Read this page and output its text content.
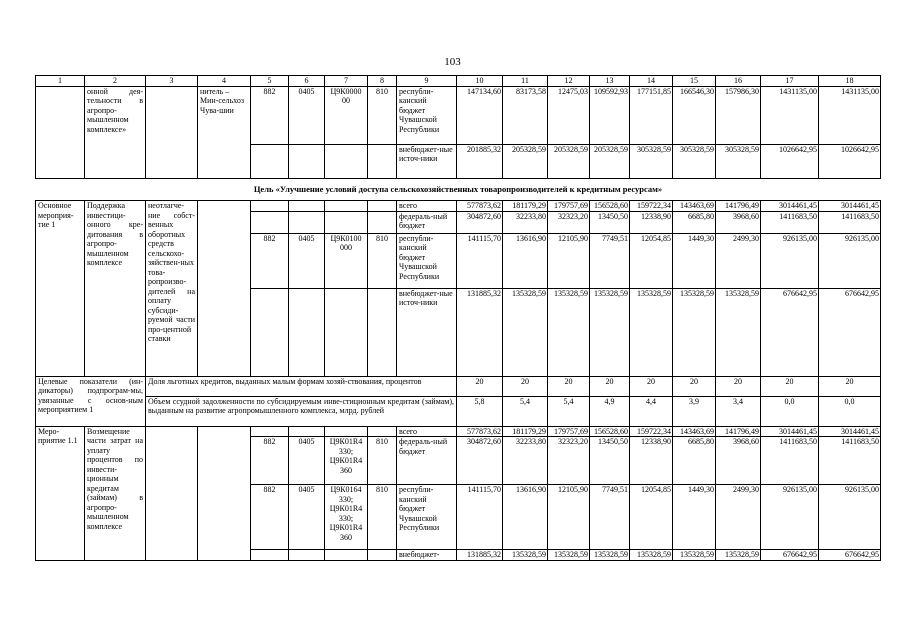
103
1	2	3	4	5	6	7	8	9	10	11	12	13	14	15	16	17	18
	онной дея-тельности в агропро-мышленном комплексе»		нитель – Мин-сельхоз Чува-шии	882	0405	Ц9К0000 00	810	республи-канский бюджет Чувашской Республики	147134,60	83173,58	12475,03	109592,93	177151,85	166546,30	157986,30	1431135,00	1431135,00
								внебюджет-ные источ-ники	201885,32	205328,59	205328,59	205328,59	305328,59	305328,59	305328,59	1026642,95	1026642,95
Цель «Улучшение условий доступа сельскохозяйственных товаропроизводителей к кредитным ресурсам»																	
Основное мероприя-тие 1	Поддержка инвестици-онного кре-дитования в агропро-мышленном комплексе	неотлагче-ние собст-венных оборотных средств сельскохо-зяйствен-ных това-ропроизво-дителей на оплату субсиди-руемой части про-центной ставки						всего	577873,62	181179,29	179757,69	156528,60	159722,34	143463,69	141796,49	3014461,45	3014461,45
								федераль-ный бюджет	304872,60	32233,80	32323,20	13450,50	12338,90	6685,80	3968,60	1411683,50	1411683,50
				882	0405	Ц9К0100 000	810	республи-канский бюджет Чувашской Республики	141115,70	13616,90	12105,90	7749,51	12054,85	1449,30	2499,30	926135,00	926135,00
								внебюджет-ные источ-ники	131885,32	135328,59	135328,59	135328,59	135328,59	135328,59	135328,59	676642,95	676642,95
Целевые показатели (ин-дикаторы) подпрограм-мы, увязанные с основ-ным мероприятием 1		Доля льготных кредитов, выданных малым формам хозяй-ствования, процентов							20	20	20	20	20	20	20	20	20
		Объем ссудной задолженности по субсидируемым инве-стиционным кредитам (займам), выданным на развитие агропромышленного комплекса, млрд. рублей							5,8	5,4	5,4	4,9	4,4	3,9	3,4	0,0	0,0
Меро-приятие 1.1	Возмещение части затрат на уплату процентов по инвести-ционным кредитам (займам) в агропро-мышленном комплексе							всего	577873,62	181179,29	179757,69	156528,60	159722,34	143463,69	141796,49	3014461,45	3014461,45
				882	0405	Ц9К01R4 330; Ц9К01R4 360	810	федераль-ный бюджет	304872,60	32233,80	32323,20	13450,50	12338,90	6685,80	3968,60	1411683,50	1411683,50
				882	0405	Ц9К0164 330; Ц9К01R4 330; Ц9К01R4 360	810	республи-канский бюджет Чувашской Республики	141115,70	13616,90	12105,90	7749,51	12054,85	1449,30	2499,30	926135,00	926135,00
								внебюджет-	131885,32	135328,59	135328,59	135328,59	135328,59	135328,59	135328,59	676642,95	676642,95
